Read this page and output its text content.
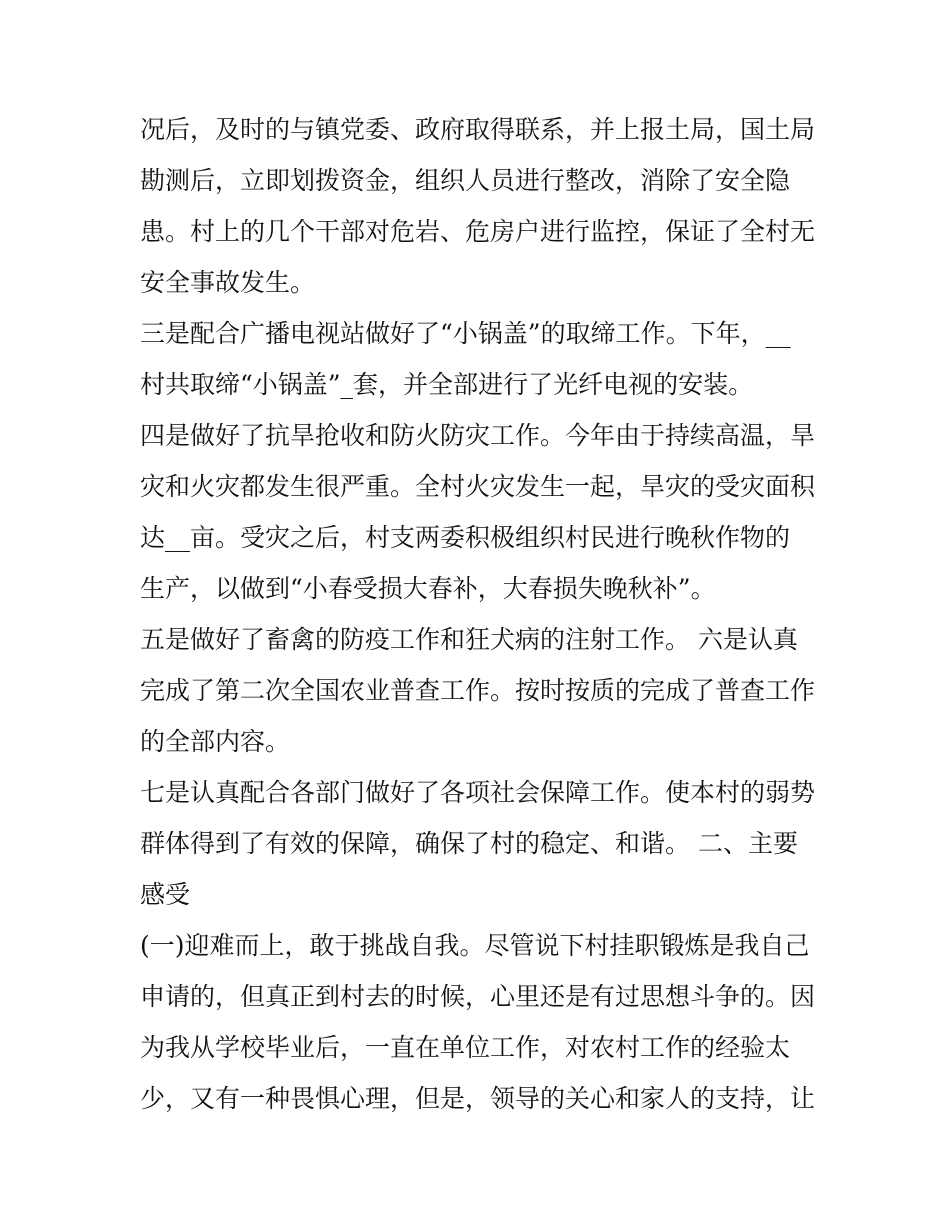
况后，及时的与镇党委、政府取得联系，并上报土局，国土局
勘测后，立即划拨资金，组织人员进行整改，消除了安全隐
患。村上的几个干部对危岩、危房户进行监控，保证了全村无
安全事故发生。
三是配合广播电视站做好了“小锅盖”的取缔工作。下年，__
村共取缔“小锅盖”_套，并全部进行了光纤电视的安装。
四是做好了抗旱抢收和防火防灾工作。今年由于持续高温，旱
灾和火灾都发生很严重。全村火灾发生一起，旱灾的受灾面积
达__亩。受灾之后，村支两委积极组织村民进行晚秋作物的
生产，以做到“小春受损大春补，大春损失晚秋补”。
五是做好了畜禽的防疫工作和狂犬病的注射工作。 六是认真
完成了第二次全国农业普查工作。按时按质的完成了普查工作
的全部内容。
七是认真配合各部门做好了各项社会保障工作。使本村的弱势
群体得到了有效的保障，确保了村的稳定、和谐。 二、主要
感受
(一)迎难而上，敢于挑战自我。尽管说下村挂职锻炼是我自己
申请的，但真正到村去的时候，心里还是有过思想斗争的。因
为我从学校毕业后，一直在单位工作，对农村工作的经验太
少，又有一种畏惧心理，但是，领导的关心和家人的支持，让
